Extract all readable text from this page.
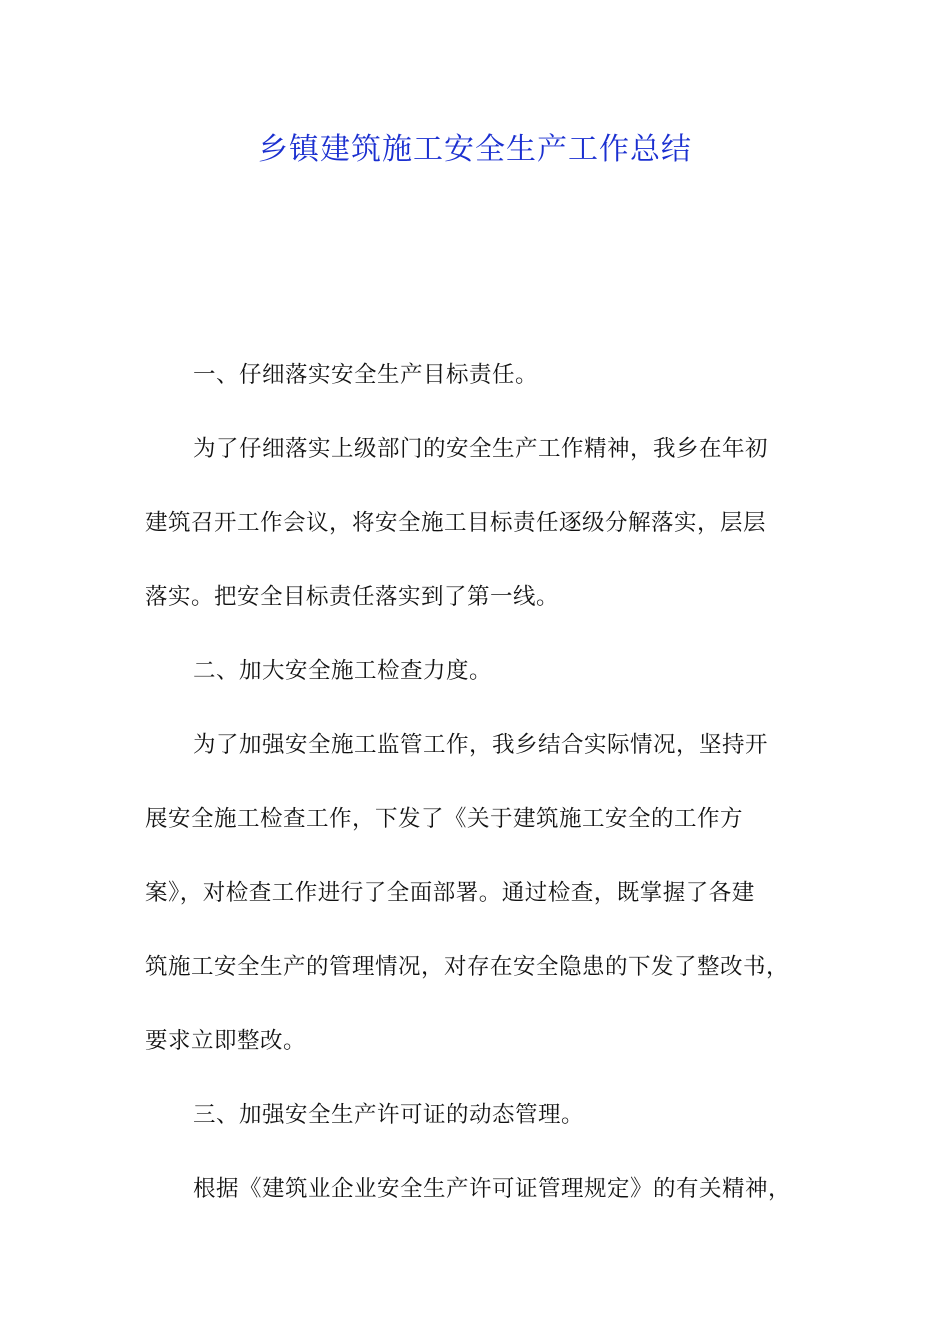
乡镇建筑施工安全生产工作总结

一、仔细落实安全生产目标责任。

为了仔细落实上级部门的安全生产工作精神，我乡在年初

建筑召开工作会议，将安全施工目标责任逐级分解落实，层层

落实。把安全目标责任落实到了第一线。

二、加大安全施工检查力度。

为了加强安全施工监管工作，我乡结合实际情况，坚持开

展安全施工检查工作，下发了《关于建筑施工安全的工作方

案》，对检查工作进行了全面部署。通过检查，既掌握了各建

筑施工安全生产的管理情况，对存在安全隐患的下发了整改书，

要求立即整改。

三、加强安全生产许可证的动态管理。

根据《建筑业企业安全生产许可证管理规定》的有关精神，
